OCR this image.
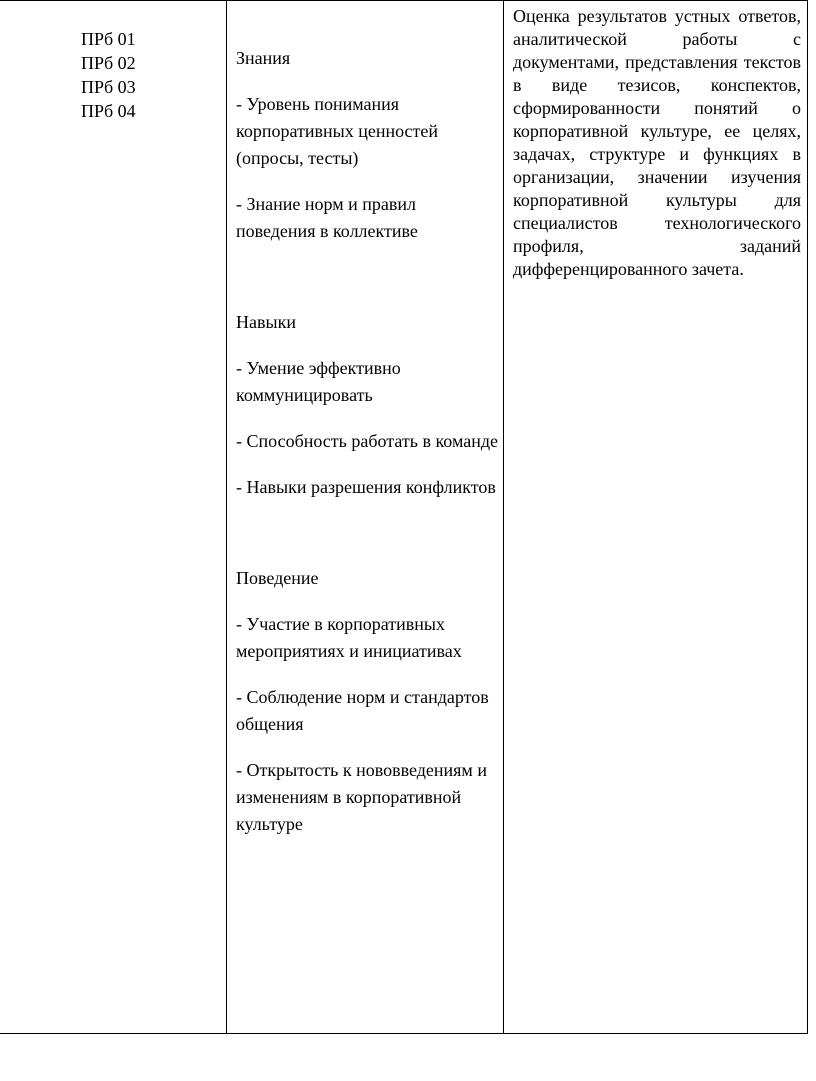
ПРб 01
ПРб 02
ПРб 03
ПРб 04

Знания

- Уровень понимания корпоративных ценностей (опросы, тесты)

- Знание норм и правил поведения в коллективе

Навыки

- Умение эффективно коммуницировать

- Способность работать в команде

- Навыки разрешения конфликтов

Поведение

- Участие в корпоративных мероприятиях и инициативах

- Соблюдение норм и стандартов общения

- Открытость к нововведениям и изменениям в корпоративной культуре

Оценка результатов устных ответов, аналитической работы с документами, представления текстов в виде тезисов, конспектов, сформированности понятий о корпоративной культуре, ее целях, задачах, структуре и функциях в организации, значении изучения корпоративной культуры для специалистов технологического профиля, заданий дифференцированного зачета.
